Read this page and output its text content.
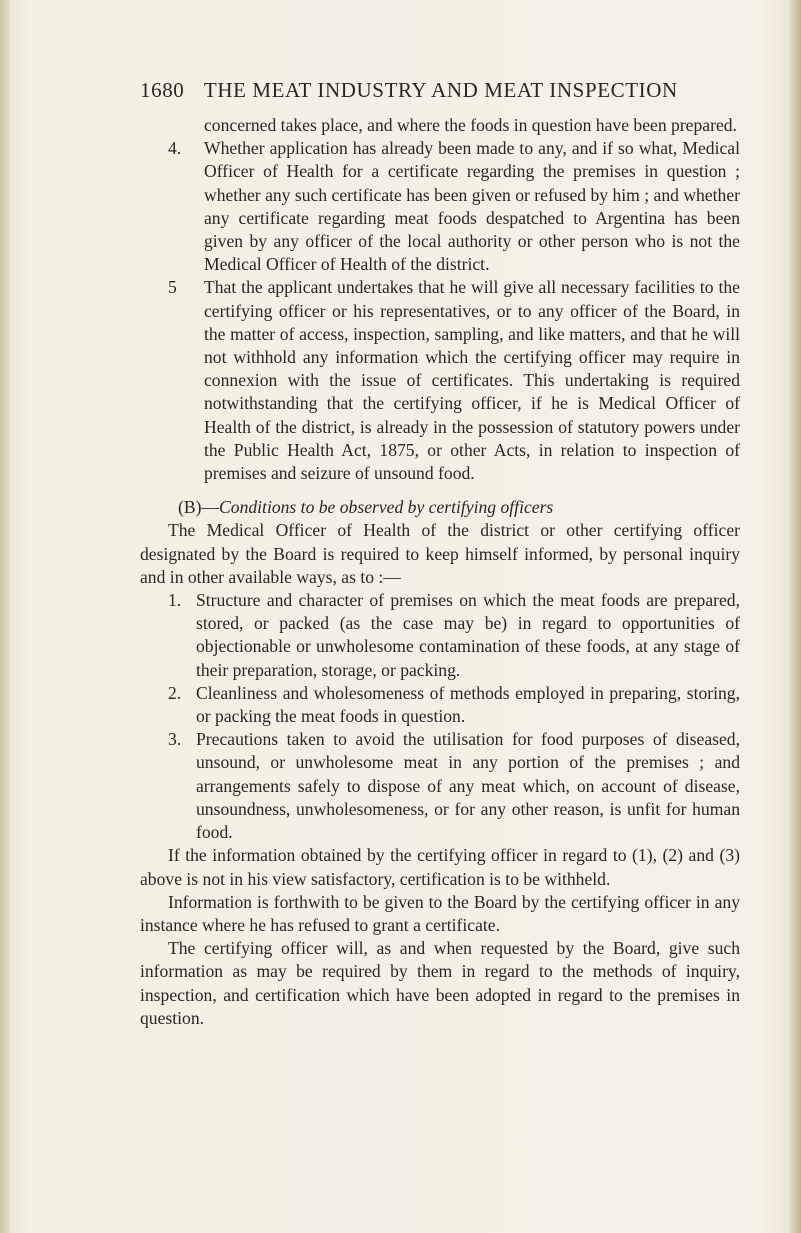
1680 THE MEAT INDUSTRY AND MEAT INSPECTION

concerned takes place, and where the foods in question have been prepared.

4. Whether application has already been made to any, and if so what, Medical Officer of Health for a certificate regarding the premises in question ; whether any such certificate has been given or refused by him ; and whether any certificate regarding meat foods despatched to Argentina has been given by any officer of the local authority or other person who is not the Medical Officer of Health of the district.

5 That the applicant undertakes that he will give all necessary facilities to the certifying officer or his representatives, or to any officer of the Board, in the matter of access, inspection, sampling, and like matters, and that he will not withhold any information which the certifying officer may require in connexion with the issue of certificates. This undertaking is required notwithstanding that the certifying officer, if he is Medical Officer of Health of the district, is already in the possession of statutory powers under the Public Health Act, 1875, or other Acts, in relation to inspection of premises and seizure of unsound food.

(B)—Conditions to be observed by certifying officers

The Medical Officer of Health of the district or other certifying officer designated by the Board is required to keep himself informed, by personal inquiry and in other available ways, as to :—

1. Structure and character of premises on which the meat foods are prepared, stored, or packed (as the case may be) in regard to opportunities of objectionable or unwholesome contamination of these foods, at any stage of their preparation, storage, or packing.

2. Cleanliness and wholesomeness of methods employed in preparing, storing, or packing the meat foods in question.

3. Precautions taken to avoid the utilisation for food purposes of diseased, unsound, or unwholesome meat in any portion of the premises ; and arrangements safely to dispose of any meat which, on account of disease, unsoundness, unwholesomeness, or for any other reason, is unfit for human food.

If the information obtained by the certifying officer in regard to (1), (2) and (3) above is not in his view satisfactory, certification is to be withheld.

Information is forthwith to be given to the Board by the certifying officer in any instance where he has refused to grant a certificate.

The certifying officer will, as and when requested by the Board, give such information as may be required by them in regard to the methods of inquiry, inspection, and certification which have been adopted in regard to the premises in question.
